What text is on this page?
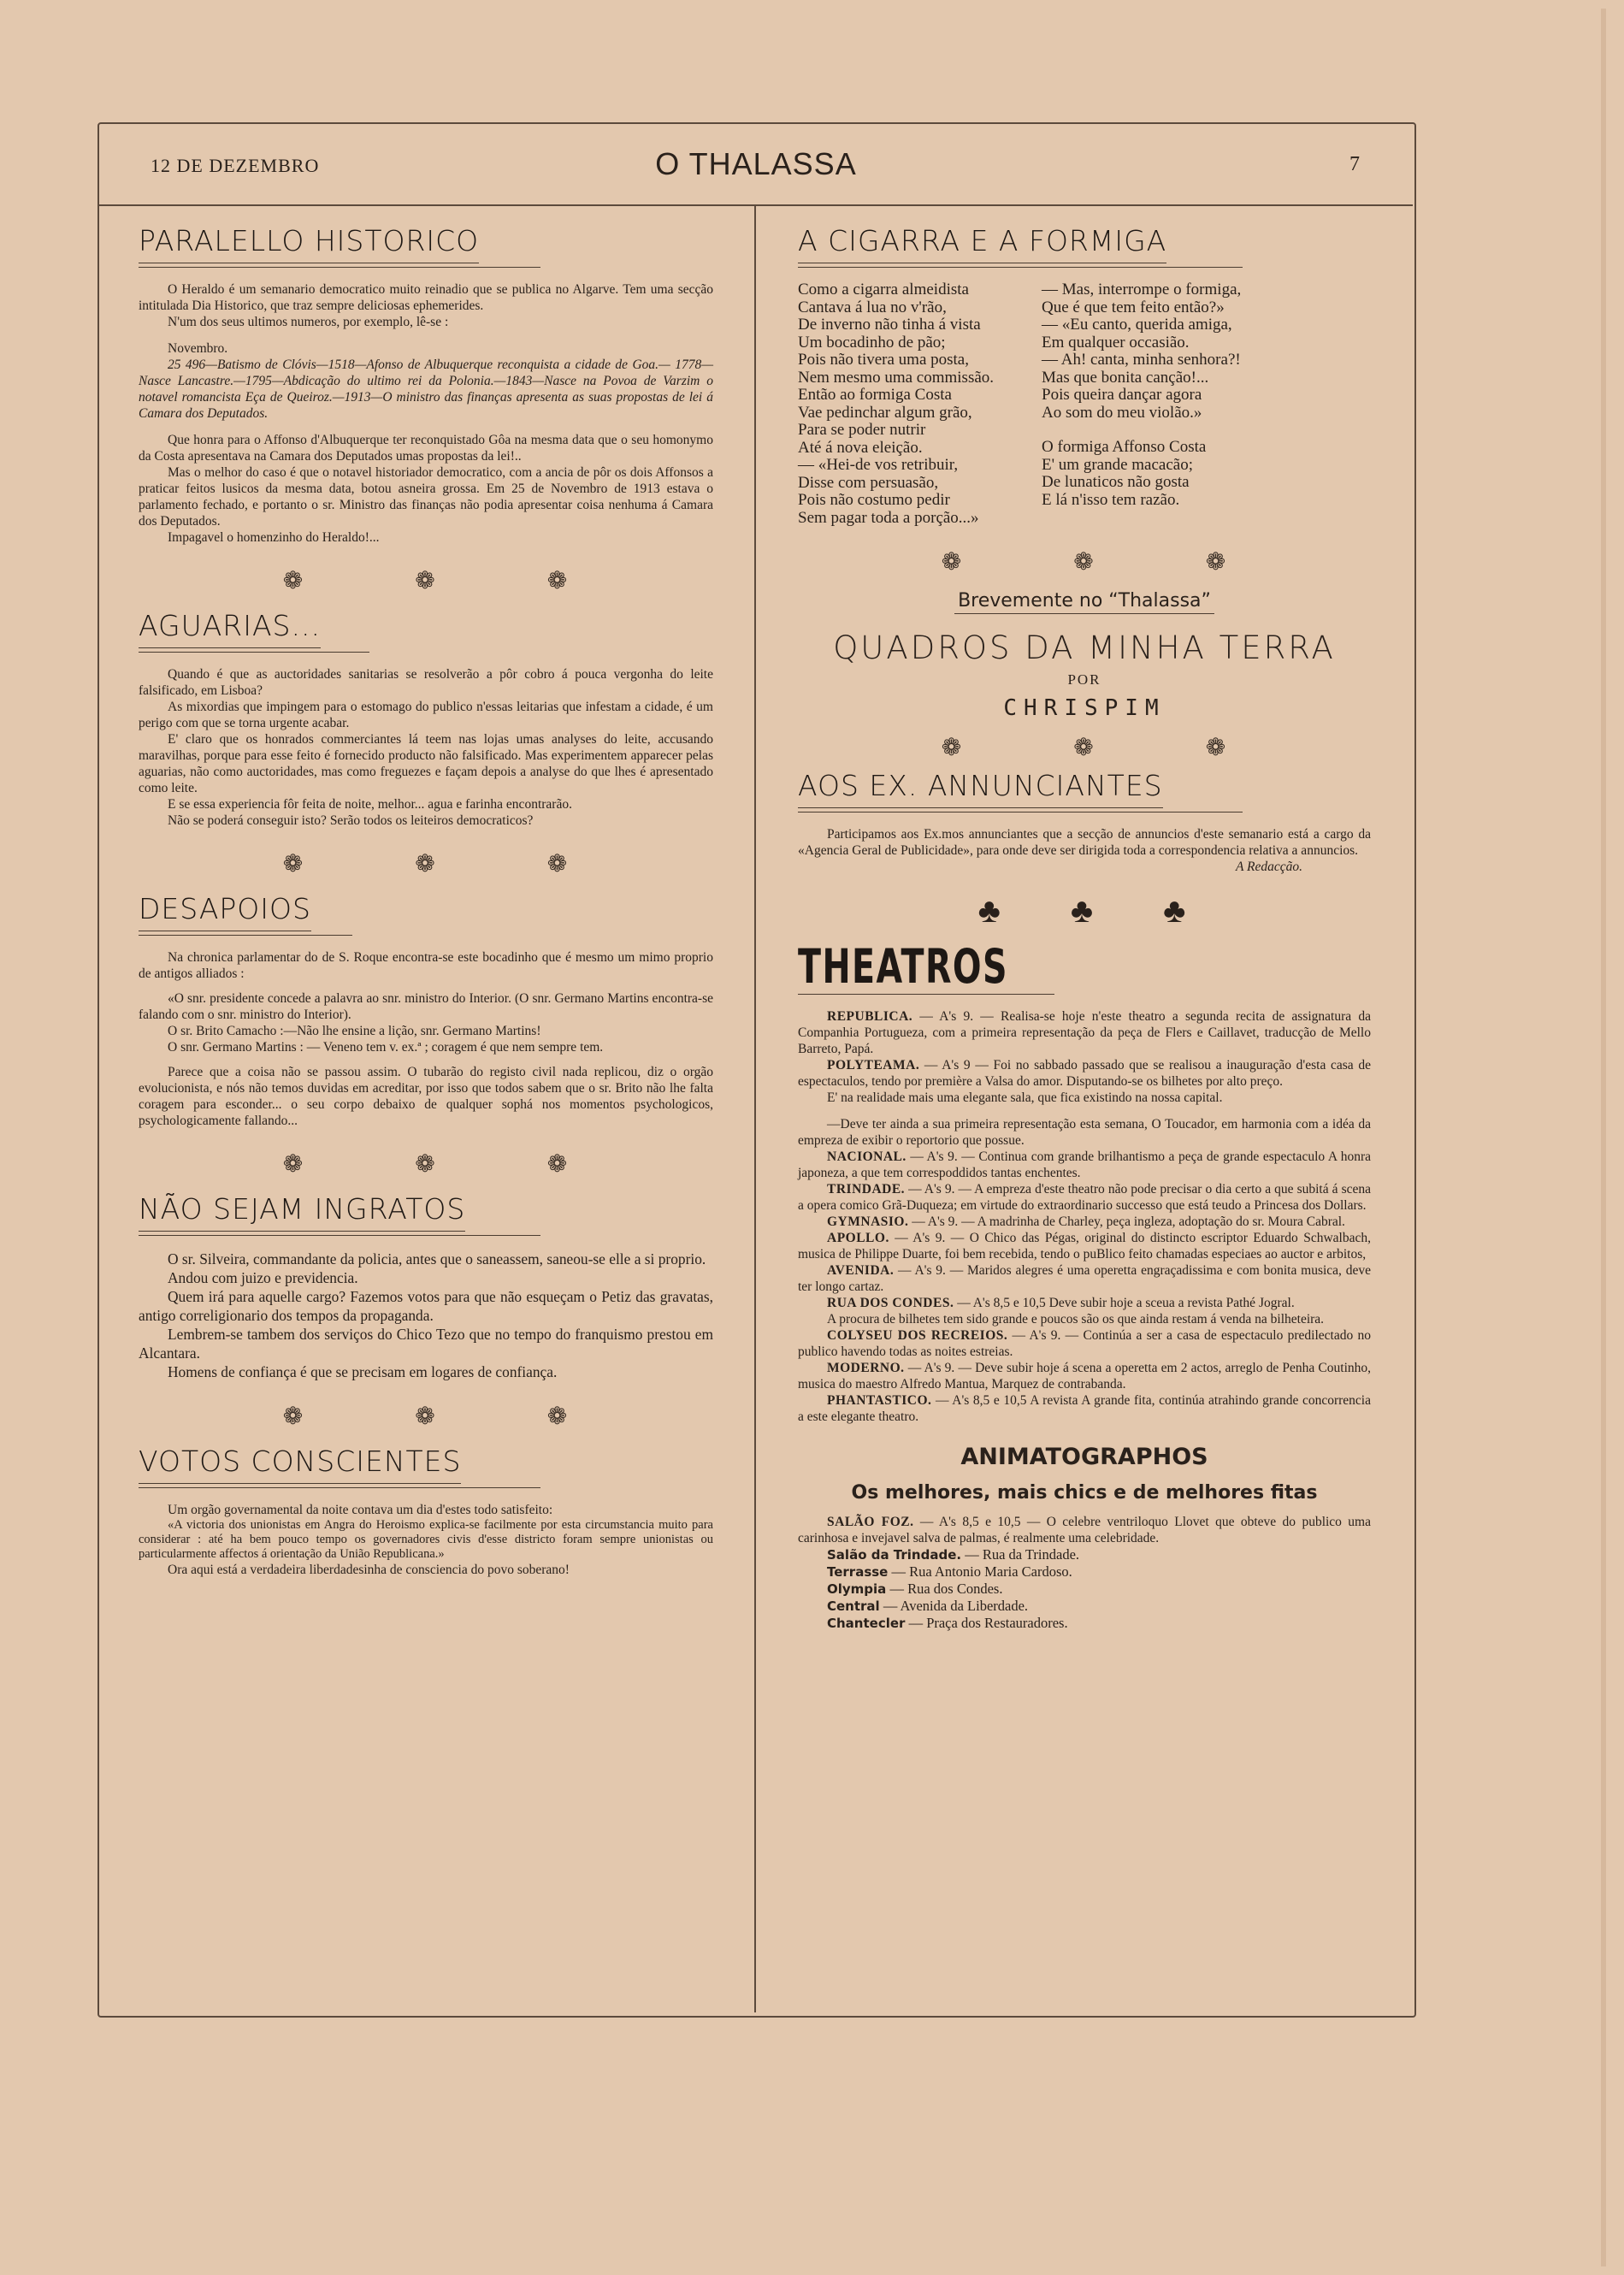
12 DE DEZEMBRO	O THALASSA	7
PARALELLO HISTORICO

O Heraldo é um semanario democratico muito reinadio que se publica no Algarve. Tem uma secção intitulada Dia Historico, que traz sempre deliciosas ephemerides.

N'um dos seus ultimos numeros, por exemplo, lê-se :

Novembro.

25 496—Batismo de Clóvis—1518—Afonso de Albuquerque reconquista a cidade de Goa.— 1778—Nasce Lancastre.—1795—Abdicação do ultimo rei da Polonia.—1843—Nasce na Povoa de Varzim o notavel romancista Eça de Queiroz.—1913—O ministro das finanças apresenta as suas propostas de lei á Camara dos Deputados.

Que honra para o Affonso d'Albuquerque ter reconquistado Gôa na mesma data que o seu homonymo da Costa apresentava na Camara dos Deputados umas propostas da lei!..

Mas o melhor do caso é que o notavel historiador democratico, com a ancia de pôr os dois Affonsos a praticar feitos lusicos da mesma data, botou asneira grossa. Em 25 de Novembro de 1913 estava o parlamento fechado, e portanto o sr. Ministro das finanças não podia apresentar coisa nenhuma á Camara dos Deputados.

Impagavel o homenzinho do Heraldo!...

❁ ❁ ❁
AGUARIAS...

Quando é que as auctoridades sanitarias se resolverão a pôr cobro á pouca vergonha do leite falsificado, em Lisboa?

As mixordias que impingem para o estomago do publico n'essas leitarias que infestam a cidade, é um perigo com que se torna urgente acabar.

E' claro que os honrados commerciantes lá teem nas lojas umas analyses do leite, accusando maravilhas, porque para esse feito é fornecido producto não falsificado. Mas experimentem apparecer pelas aguarias, não como auctoridades, mas como freguezes e façam depois a analyse do que lhes é apresentado como leite.

E se essa experiencia fôr feita de noite, melhor... agua e farinha encontrarão.

Não se poderá conseguir isto? Serão todos os leiteiros democraticos?

❁ ❁ ❁
DESAPOIOS

Na chronica parlamentar do de S. Roque encontra-se este bocadinho que é mesmo um mimo proprio de antigos alliados :

«O snr. presidente concede a palavra ao snr. ministro do Interior. (O snr. Germano Martins encontra-se falando com o snr. ministro do Interior).

O sr. Brito Camacho :—Não lhe ensine a lição, snr. Germano Martins!

O snr. Germano Martins : — Veneno tem v. ex.ª ; coragem é que nem sempre tem.

Parece que a coisa não se passou assim. O tubarão do registo civil nada replicou, diz o orgão evolucionista, e nós não temos duvidas em acreditar, por isso que todos sabem que o sr. Brito não lhe falta coragem para esconder... o seu corpo debaixo de qualquer sophá nos momentos psychologicos, psychologicamente fallando...

❁ ❁ ❁
NÃO SEJAM INGRATOS

O sr. Silveira, commandante da policia, antes que o saneassem, saneou-se elle a si proprio.

Andou com juizo e previdencia.

Quem irá para aquelle cargo? Fazemos votos para que não esqueçam o Petiz das gravatas, antigo correligionario dos tempos da propaganda.

Lembrem-se tambem dos serviços do Chico Tezo que no tempo do franquismo prestou em Alcantara.

Homens de confiança é que se precisam em logares de confiança.

❁ ❁ ❁
VOTOS CONSCIENTES

Um orgão governamental da noite contava um dia d'estes todo satisfeito:

«A victoria dos unionistas em Angra do Heroismo explica-se facilmente por esta circumstancia muito para considerar : até ha bem pouco tempo os governadores civis d'esse districto foram sempre unionistas ou particularmente affectos á orientação da União Republicana.»

Ora aqui está a verdadeira liberdadesinha de consciencia do povo soberano!

A CIGARRA E A FORMIGA
Como a cigarra almeidista
Cantava á lua no v'rão,
De inverno não tinha á vista
Um bocadinho de pão;
Pois não tivera uma posta,
Nem mesmo uma commissão.
Então ao formiga Costa
Vae pedinchar algum grão,
Para se poder nutrir
Até á nova eleição.
— «Hei-de vos retribuir,
Disse com persuasão,
Pois não costumo pedir
Sem pagar toda a porção...»
— Mas, interrompe o formiga,
Que é que tem feito então?»
— «Eu canto, querida amiga,
Em qualquer occasião.
— Ah! canta, minha senhora?!
Mas que bonita canção!...
Pois queira dançar agora
Ao som do meu violão.»
O formiga Affonso Costa
E' um grande macacão;
De lunaticos não gosta
E lá n'isso tem razão.
❁ ❁ ❁
Brevemente no “Thalassa”
QUADROS DA MINHA TERRA
POR
CHRISPIM
❁ ❁ ❁
AOS EX. ANNUNCIANTES

Participamos aos Ex.mos annunciantes que a secção de annuncios d'este semanario está a cargo da «Agencia Geral de Publicidade», para onde deve ser dirigida toda a correspondencia relativa a annuncios.

A Redacção.

♣ ♣ ♣
THEATROS

REPUBLICA. — A's 9. — Realisa-se hoje n'este theatro a segunda recita de assignatura da Companhia Portugueza, com a primeira representação da peça de Flers e Caillavet, traducção de Mello Barreto, Papá.

POLYTEAMA. — A's 9 — Foi no sabbado passado que se realisou a inauguração d'esta casa de espectaculos, tendo por première a Valsa do amor. Disputando-se os bilhetes por alto preço.

E' na realidade mais uma elegante sala, que fica existindo na nossa capital.

—Deve ter ainda a sua primeira representação esta semana, O Toucador, em harmonia com a idéa da empreza de exibir o reportorio que possue.

NACIONAL. — A's 9. — Continua com grande brilhantismo a peça de grande espectaculo A honra japoneza, a que tem correspoddidos tantas enchentes.

TRINDADE. — A's 9. — A empreza d'este theatro não pode precisar o dia certo a que subitá á scena a opera comico Grã-Duqueza; em virtude do extraordinario successo que está teudo a Princesa dos Dollars.

GYMNASIO. — A's 9. — A madrinha de Charley, peça ingleza, adoptação do sr. Moura Cabral.

APOLLO. — A's 9. — O Chico das Pégas, original do distincto escriptor Eduardo Schwalbach, musica de Philippe Duarte, foi bem recebida, tendo o puBlico feito chamadas especiaes ao auctor e arbitos,

AVENIDA. — A's 9. — Maridos alegres é uma operetta engraçadissima e com bonita musica, deve ter longo cartaz.

RUA DOS CONDES. — A's 8,5 e 10,5 Deve subir hoje a sceua a revista Pathé Jogral.

A procura de bilhetes tem sido grande e poucos são os que ainda restam á venda na bilheteira.

COLYSEU DOS RECREIOS. — A's 9. — Continúa a ser a casa de espectaculo predilectado no publico havendo todas as noites estreias.

MODERNO. — A's 9. — Deve subir hoje á scena a operetta em 2 actos, arreglo de Penha Coutinho, musica do maestro Alfredo Mantua, Marquez de contrabanda.

PHANTASTICO. — A's 8,5 e 10,5 A revista A grande fita, continúa atrahindo grande concorrencia a este elegante theatro.

ANIMATOGRAPHOS
Os melhores, mais chics e de melhores fitas

SALÃO FOZ. — A's 8,5 e 10,5 — O celebre ventriloquo Llovet que obteve do publico uma carinhosa e invejavel salva de palmas, é realmente uma celebridade.

Salão da Trindade. — Rua da Trindade.
Terrasse — Rua Antonio Maria Cardoso.
Olympia — Rua dos Condes.
Central — Avenida da Liberdade.
Chantecler — Praça dos Restauradores.
